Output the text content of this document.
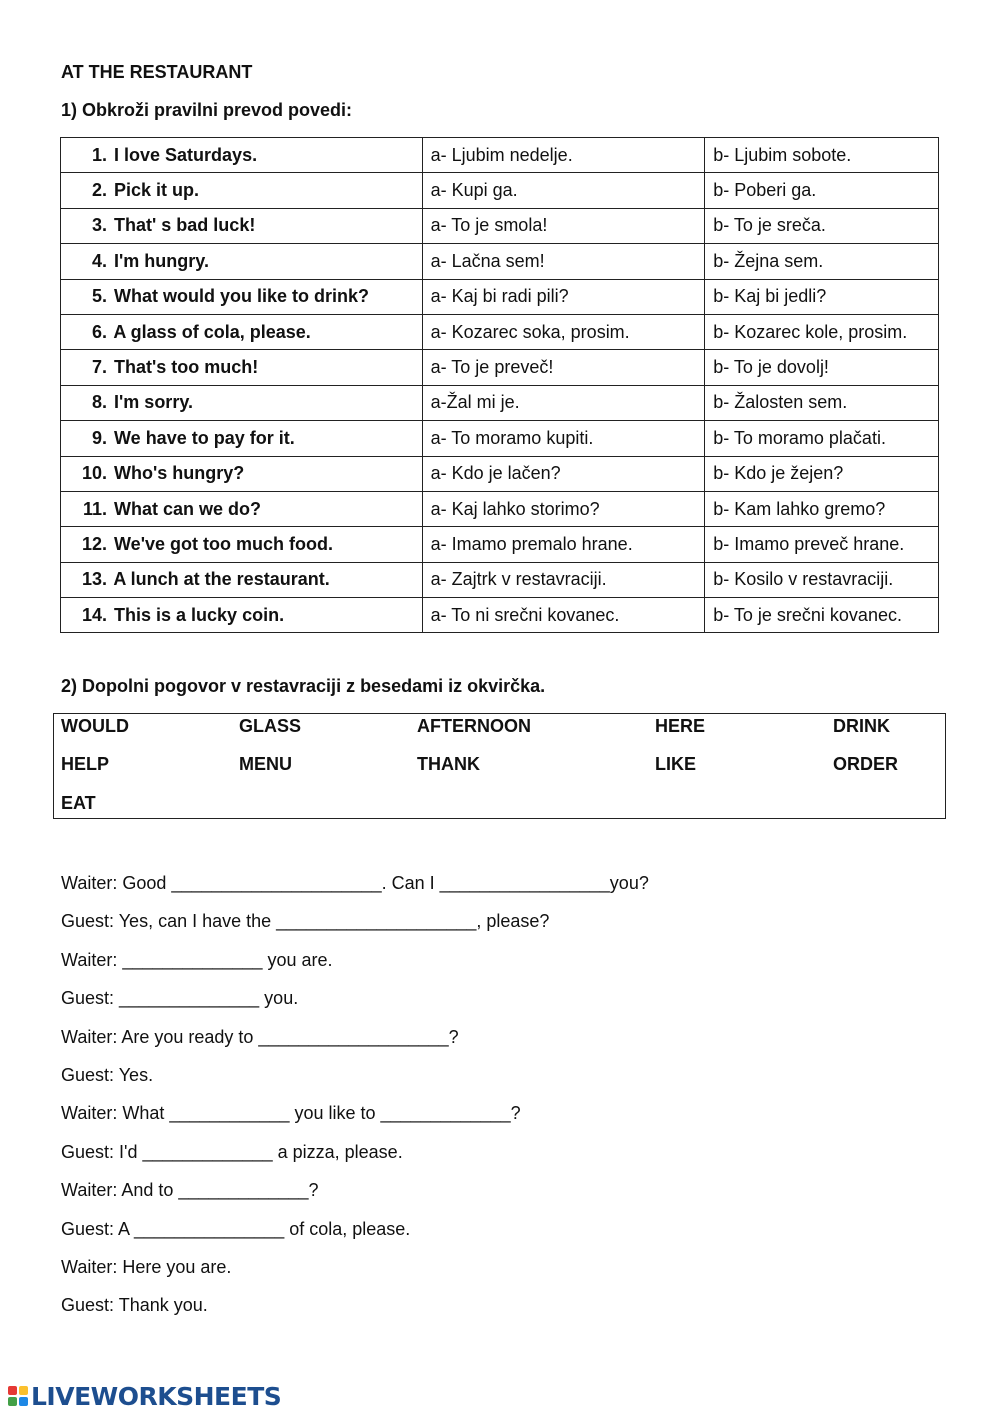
AT THE RESTAURANT
1) Obkroži pravilni prevod povedi:
1. I love Saturdays.	a- Ljubim nedelje.	b- Ljubim sobote.
2. Pick it up.	a- Kupi ga.	b- Poberi ga.
3. That' s bad luck!	a- To je smola!	b- To je sreča.
4. I'm hungry.	a- Lačna sem!	b- Žejna sem.
5. What would you like to drink?	a- Kaj bi radi pili?	b- Kaj bi jedli?
6. A glass of cola, please.	a- Kozarec soka, prosim.	b- Kozarec kole, prosim.
7. That's too much!	a- To je preveč!	b- To je dovolj!
8. I'm sorry.	a-Žal mi je.	b- Žalosten sem.
9. We have to pay for it.	a- To moramo kupiti.	b- To moramo plačati.
10. Who's hungry?	a- Kdo je lačen?	b- Kdo je žejen?
11. What can we do?	a- Kaj lahko storimo?	b- Kam lahko gremo?
12. We've got too much food.	a- Imamo premalo hrane.	b- Imamo preveč hrane.
13. A lunch at the restaurant.	a- Zajtrk v restavraciji.	b- Kosilo v restavraciji.
14. This is a lucky coin.	a- To ni srečni kovanec.	b- To je srečni kovanec.
2) Dopolni pogovor v restavraciji z besedami iz okvirčka.
WOULD	GLASS	AFTERNOON	HERE	DRINK
HELP	MENU	THANK	LIKE	ORDER
EAT
Waiter: Good _____________________. Can I _________________you?
Guest: Yes, can I have the ____________________, please?
Waiter: ______________ you are.
Guest: ______________ you.
Waiter: Are you ready to ___________________?
Guest: Yes.
Waiter: What ____________ you like to _____________?
Guest: I'd _____________ a pizza, please.
Waiter: And to _____________?
Guest: A _______________ of cola, please.
Waiter: Here you are.
Guest: Thank you.
LIVEWORKSHEETS
